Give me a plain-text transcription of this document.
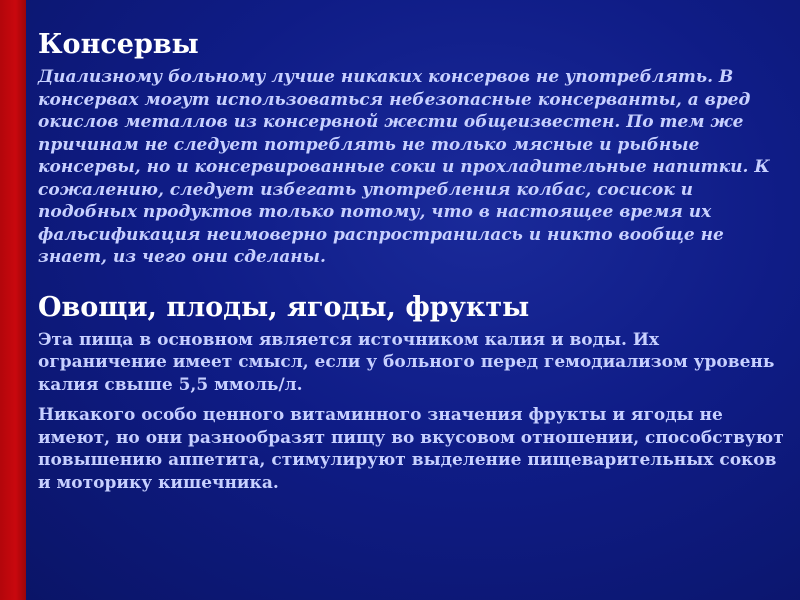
Консервы

Диализному больному лучше никаких консервов не употреблять. В консервах могут использоваться небезопасные консерванты, а вред окислов металлов из консервной жести общеизвестен. По тем же причинам не следует потреблять не только мясные и рыбные консервы, но и консервированные соки и прохладительные напитки. К сожалению, следует избегать употребления колбас, сосисок и подобных продуктов только потому, что в настоящее время их фальсификация неимоверно распространилась и никто вообще не знает, из чего они сделаны.

Овощи, плоды, ягоды, фрукты

Эта пища в основном является источником калия и воды. Их ограничение имеет смысл, если у больного перед гемодиализом уровень калия свыше 5,5 ммоль/л.

Никакого особо ценного витаминного значения фрукты и ягоды не имеют, но они разнообразят пищу во вкусовом отношении, способствуют повышению аппетита, стимулируют выделение пищеварительных соков и моторику кишечника.
